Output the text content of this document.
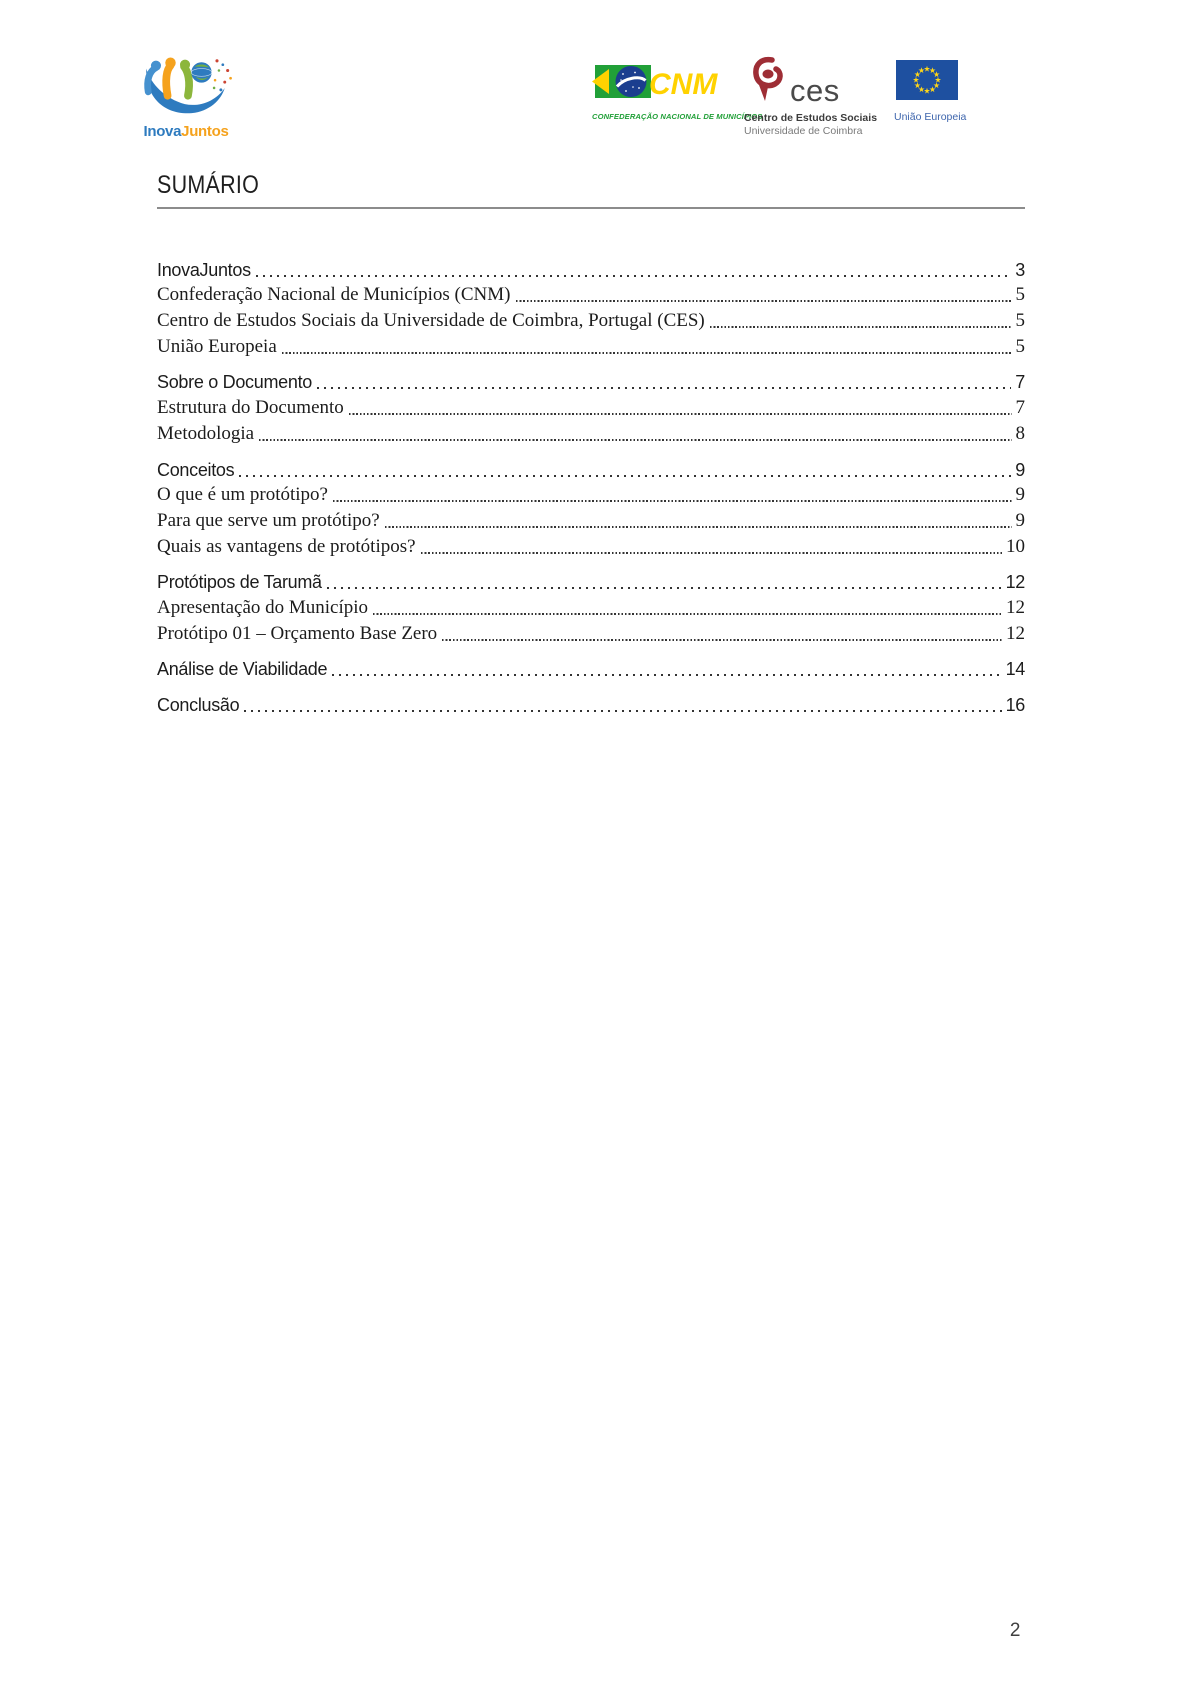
InovaJuntos
CNM
CONFEDERAÇÃO NACIONAL DE MUNICÍPIOS
ces
Centro de Estudos Sociais
Universidade de Coimbra
União Europeia
SUMÁRIO
InovaJuntos	3
Confederação Nacional de Municípios (CNM)	5
Centro de Estudos Sociais da Universidade de Coimbra, Portugal (CES)	5
União Europeia	5
Sobre o Documento	7
Estrutura do Documento	7
Metodologia	8
Conceitos	9
O que é um protótipo?	9
Para que serve um protótipo?	9
Quais as vantagens de protótipos?	10
Protótipos de Tarumã	12
Apresentação do Município	12
Protótipo 01 – Orçamento Base Zero	12
Análise de Viabilidade	14
Conclusão	16
2
